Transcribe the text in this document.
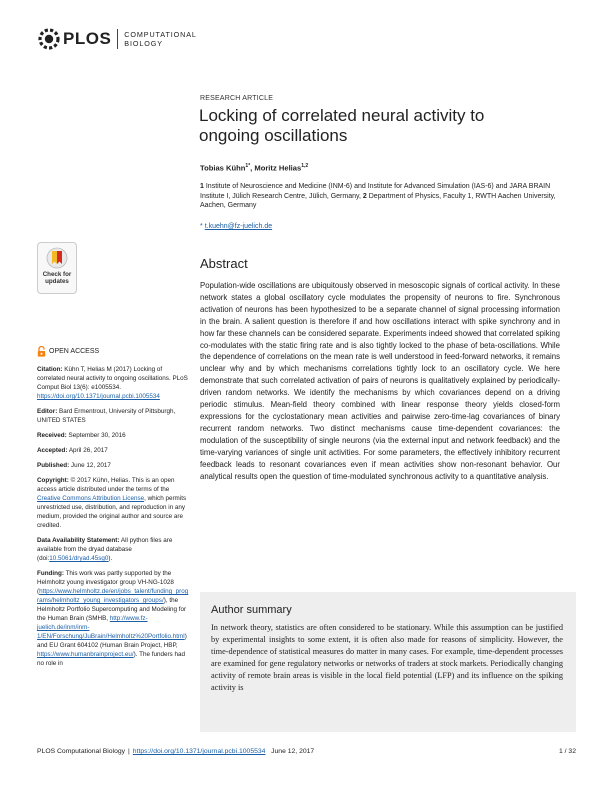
PLOS COMPUTATIONAL
BIOLOGY
RESEARCH ARTICLE
Locking of correlated neural activity to ongoing oscillations
Tobias Kühn$^{1*}$, Moritz Helias$^{1,2}$
1 Institute of Neuroscience and Medicine (INM-6) and Institute for Advanced Simulation (IAS-6) and JARA BRAIN Institute I, Jülich Research Centre, Jülich, Germany, 2 Department of Physics, Faculty 1, RWTH Aachen University, Aachen, Germany
* t.kuehn@fz-juelich.de
Check for
updates
OPEN ACCESS

Citation: Kühn T, Helias M (2017) Locking of correlated neural activity to ongoing oscillations. PLoS Comput Biol 13(6): e1005534. https://doi.org/10.1371/journal.pcbi.1005534

Editor: Bard Ermentrout, University of Pittsburgh, UNITED STATES

Received: September 30, 2016

Accepted: April 26, 2017

Published: June 12, 2017

Copyright: © 2017 Kühn, Helias. This is an open access article distributed under the terms of the Creative Commons Attribution License, which permits unrestricted use, distribution, and reproduction in any medium, provided the original author and source are credited.

Data Availability Statement: All python files are available from the dryad database (doi:10.5061/dryad.45sg0).

Funding: This work was partly supported by the Helmholtz young investigator group VH-NG-1028 (https://www.helmholtz.de/en/jobs_talent/funding_programs/helmholtz_young_investigators_groups/), the Helmholtz Portfolio Supercomputing and Modeling for the Human Brain (SMHB, http://www.fz-juelich.de/inm/inm-1/EN/Forschung/JuBrain/Helmholtz%20Portfolio.html) and EU Grant 604102 (Human Brain Project, HBP, https://www.humanbrainproject.eu/). The funders had no role in

Abstract
Population-wide oscillations are ubiquitously observed in mesoscopic signals of cortical activity. In these network states a global oscillatory cycle modulates the propensity of neurons to fire. Synchronous activation of neurons has been hypothesized to be a separate channel of signal processing information in the brain. A salient question is therefore if and how oscillations interact with spike synchrony and in how far these channels can be considered separate. Experiments indeed showed that correlated spiking co-modulates with the static firing rate and is also tightly locked to the phase of beta-oscillations. While the dependence of correlations on the mean rate is well understood in feed-forward networks, it remains unclear why and by which mechanisms correlations tightly lock to an oscillatory cycle. We here demonstrate that such correlated activation of pairs of neurons is qualitatively explained by periodically-driven random networks. We identify the mechanisms by which covariances depend on a driving periodic stimulus. Mean-field theory combined with linear response theory yields closed-form expressions for the cyclostationary mean activities and pairwise zero-time-lag covariances of binary recurrent random networks. Two distinct mechanisms cause time-dependent covariances: the modulation of the susceptibility of single neurons (via the external input and network feedback) and the time-varying variances of single unit activities. For some parameters, the effectively inhibitory recurrent feedback leads to resonant covariances even if mean activities show non-resonant behavior. Our analytical results open the question of time-modulated synchronous activity to a quantitative analysis.
Author summary
In network theory, statistics are often considered to be stationary. While this assumption can be justified by experimental insights to some extent, it is often also made for reasons of simplicity. However, the time-dependence of statistical measures do matter in many cases. For example, time-dependent processes are examined for gene regulatory networks or networks of traders at stock markets. Periodically changing activity of remote brain areas is visible in the local field potential (LFP) and its influence on the spiking activity is
PLOS Computational Biology | https://doi.org/10.1371/journal.pcbi.1005534 June 12, 2017	1 / 32
